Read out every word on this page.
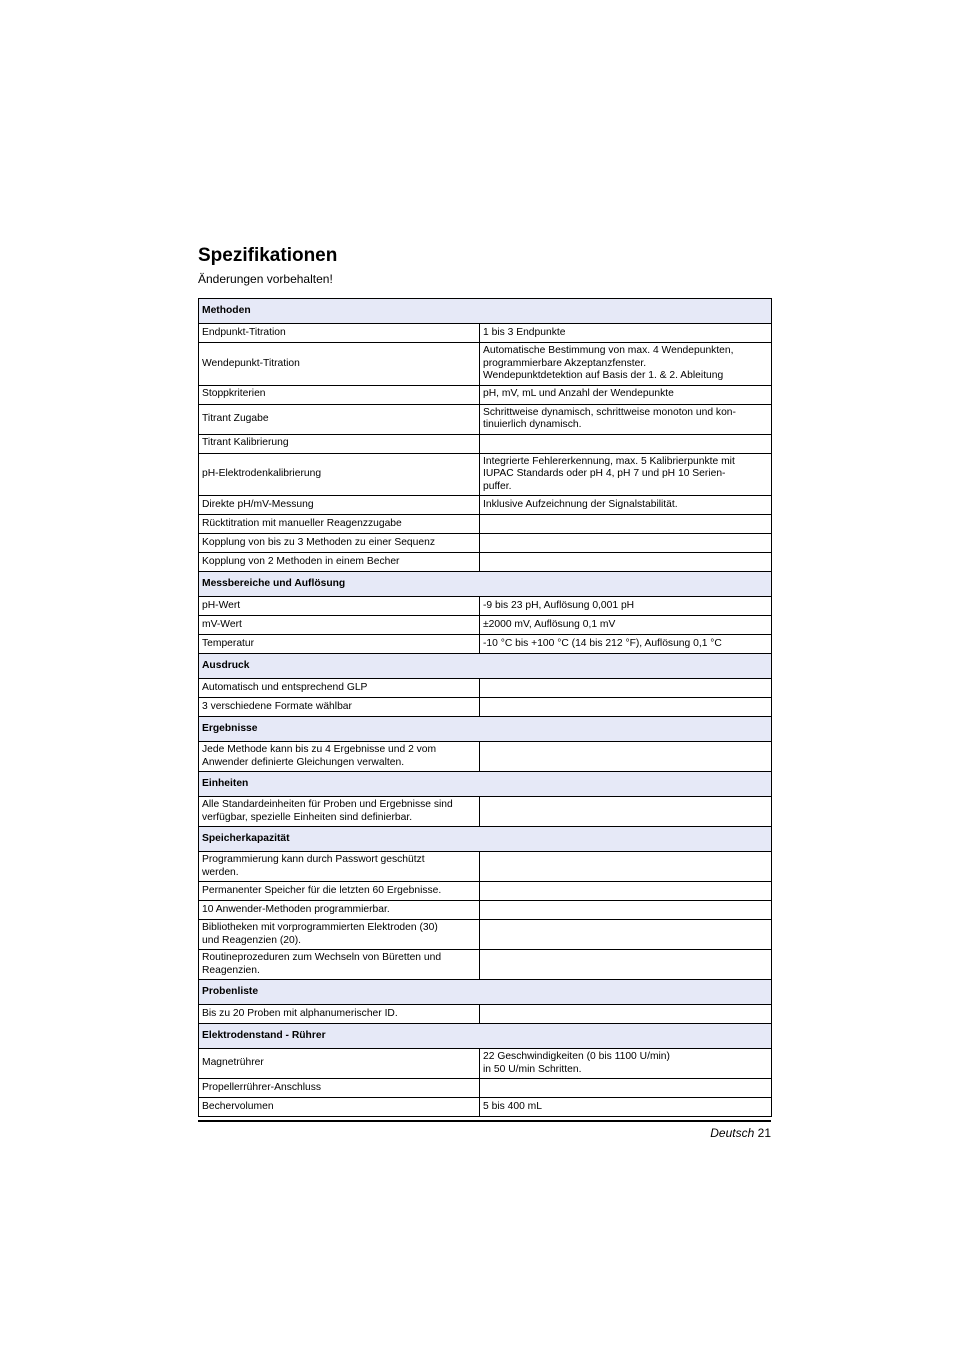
Spezifikationen

Änderungen vorbehalten!

Methoden	
Endpunkt-Titration	1 bis 3 Endpunkte
Wendepunkt-Titration	Automatische Bestimmung von max. 4 Wendepunkten,
programmierbare Akzeptanzfenster.
Wendepunktdetektion auf Basis der 1. & 2. Ableitung
Stoppkriterien	pH, mV, mL und Anzahl der Wendepunkte
Titrant Zugabe	Schrittweise dynamisch, schrittweise monoton und kon-
tinuierlich dynamisch.
Titrant Kalibrierung	
pH-Elektrodenkalibrierung	Integrierte Fehlererkennung, max. 5 Kalibrierpunkte mit
IUPAC Standards oder pH 4, pH 7 und pH 10 Serien-
puffer.
Direkte pH/mV-Messung	Inklusive Aufzeichnung der Signalstabilität.
Rücktitration mit manueller Reagenzzugabe	
Kopplung von bis zu 3 Methoden zu einer Sequenz	
Kopplung von 2 Methoden in einem Becher	
Messbereiche und Auflösung	
pH-Wert	-9 bis 23 pH, Auflösung 0,001 pH
mV-Wert	±2000 mV, Auflösung 0,1 mV
Temperatur	-10 °C bis +100 °C (14 bis 212 °F), Auflösung 0,1 °C
Ausdruck	
Automatisch und entsprechend GLP	
3 verschiedene Formate wählbar	
Ergebnisse	
Jede Methode kann bis zu 4 Ergebnisse und 2 vom
Anwender definierte Gleichungen verwalten.	
Einheiten	
Alle Standardeinheiten für Proben und Ergebnisse sind
verfügbar, spezielle Einheiten sind definierbar.	
Speicherkapazität	
Programmierung kann durch Passwort geschützt
werden.	
Permanenter Speicher für die letzten 60 Ergebnisse.	
10 Anwender-Methoden programmierbar.	
Bibliotheken mit vorprogrammierten Elektroden (30)
und Reagenzien (20).	
Routineprozeduren zum Wechseln von Büretten und
Reagenzien.	
Probenliste	
Bis zu 20 Proben mit alphanumerischer ID.	
Elektrodenstand - Rührer	
Magnetrührer	22 Geschwindigkeiten (0 bis 1100 U/min)
in 50 U/min Schritten.
Propellerrührer-Anschluss	
Bechervolumen	5 bis 400 mL
Deutsch 21
